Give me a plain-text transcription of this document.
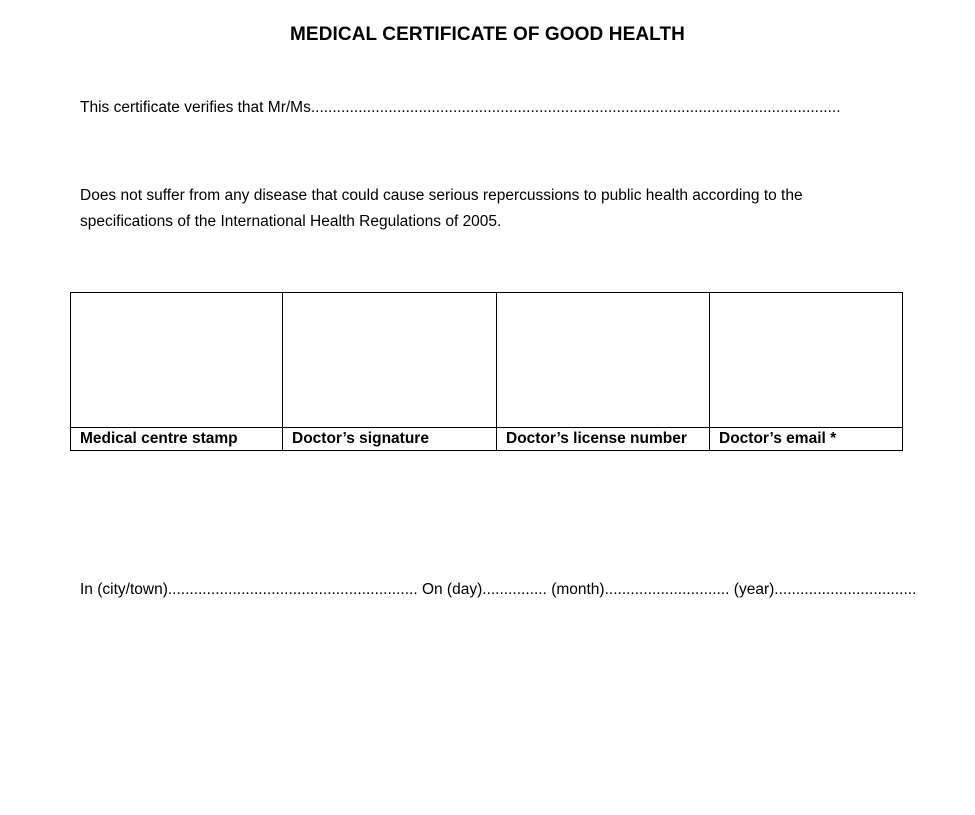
MEDICAL CERTIFICATE OF GOOD HEALTH
This certificate verifies that Mr/Ms...........................................................................................................................
Does not suffer from any disease that could cause serious repercussions to public health according to the specifications of the International Health Regulations of 2005.

Medical centre stamp	Doctor’s signature	Doctor’s license number	Doctor’s email *
In (city/town).......................................................... On (day)............... (month)............................. (year).................................
